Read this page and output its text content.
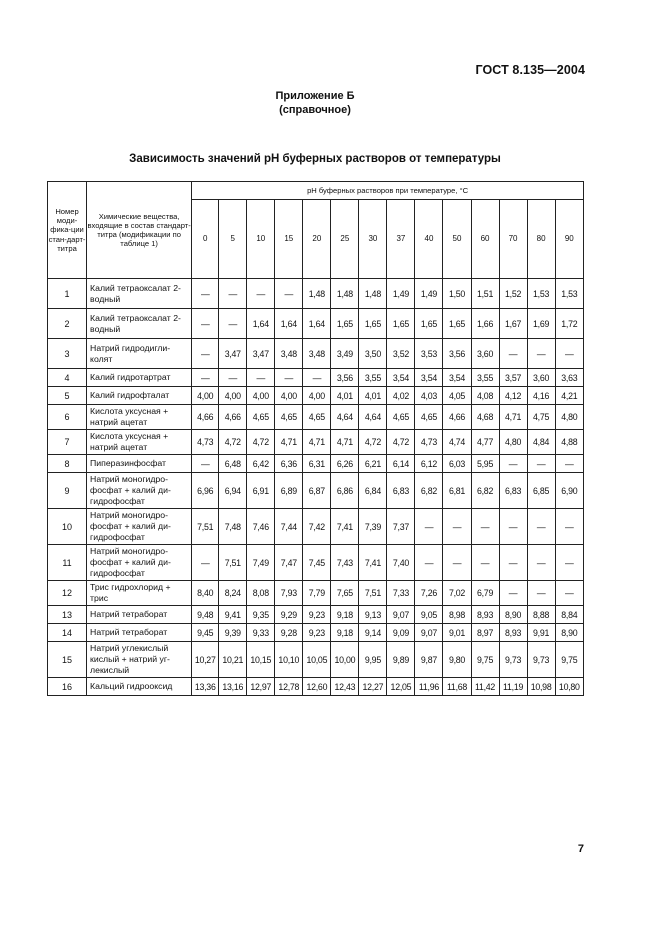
ГОСТ 8.135—2004
Приложение Б
(справочное)
Зависимость значений рН буферных растворов от температуры
Номер моди-фика-ции стан-дарт-титра	Химические вещества, входящие в состав стандарт-титра (модификации по таблице 1)	рН буферных растворов при температуре, °С													
		0	5	10	15	20	25	30	37	40	50	60	70	80	90
1	Калий тетраоксалат 2-водный	—	—	—	—	1,48	1,48	1,48	1,49	1,49	1,50	1,51	1,52	1,53	1,53
2	Калий тетраоксалат 2-водный	—	—	1,64	1,64	1,64	1,65	1,65	1,65	1,65	1,65	1,66	1,67	1,69	1,72
3	Натрий гидродигли-колят	—	3,47	3,47	3,48	3,48	3,49	3,50	3,52	3,53	3,56	3,60	—	—	—
4	Калий гидротартрат	—	—	—	—	—	3,56	3,55	3,54	3,54	3,54	3,55	3,57	3,60	3,63
5	Калий гидрофталат	4,00	4,00	4,00	4,00	4,00	4,01	4,01	4,02	4,03	4,05	4,08	4,12	4,16	4,21
6	Кислота уксусная + натрий ацетат	4,66	4,66	4,65	4,65	4,65	4,64	4,64	4,65	4,65	4,66	4,68	4,71	4,75	4,80
7	Кислота уксусная + натрий ацетат	4,73	4,72	4,72	4,71	4,71	4,71	4,72	4,72	4,73	4,74	4,77	4,80	4,84	4,88
8	Пиперазинфосфат	—	6,48	6,42	6,36	6,31	6,26	6,21	6,14	6,12	6,03	5,95	—	—	—
9	Натрий моногидро-фосфат + калий ди-гидрофосфат	6,96	6,94	6,91	6,89	6,87	6,86	6,84	6,83	6,82	6,81	6,82	6,83	6,85	6,90
10	Натрий моногидро-фосфат + калий ди-гидрофосфат	7,51	7,48	7,46	7,44	7,42	7,41	7,39	7,37	—	—	—	—	—	—
11	Натрий моногидро-фосфат + калий ди-гидрофосфат	—	7,51	7,49	7,47	7,45	7,43	7,41	7,40	—	—	—	—	—	—
12	Трис гидрохлорид + трис	8,40	8,24	8,08	7,93	7,79	7,65	7,51	7,33	7,26	7,02	6,79	—	—	—
13	Натрий тетраборат	9,48	9,41	9,35	9,29	9,23	9,18	9,13	9,07	9,05	8,98	8,93	8,90	8,88	8,84
14	Натрий тетраборат	9,45	9,39	9,33	9,28	9,23	9,18	9,14	9,09	9,07	9,01	8,97	8,93	9,91	8,90
15	Натрий углекислый кислый + натрий уг-лекислый	10,27	10,21	10,15	10,10	10,05	10,00	9,95	9,89	9,87	9,80	9,75	9,73	9,73	9,75
16	Кальций гидрооксид	13,36	13,16	12,97	12,78	12,60	12,43	12,27	12,05	11,96	11,68	11,42	11,19	10,98	10,80
7
